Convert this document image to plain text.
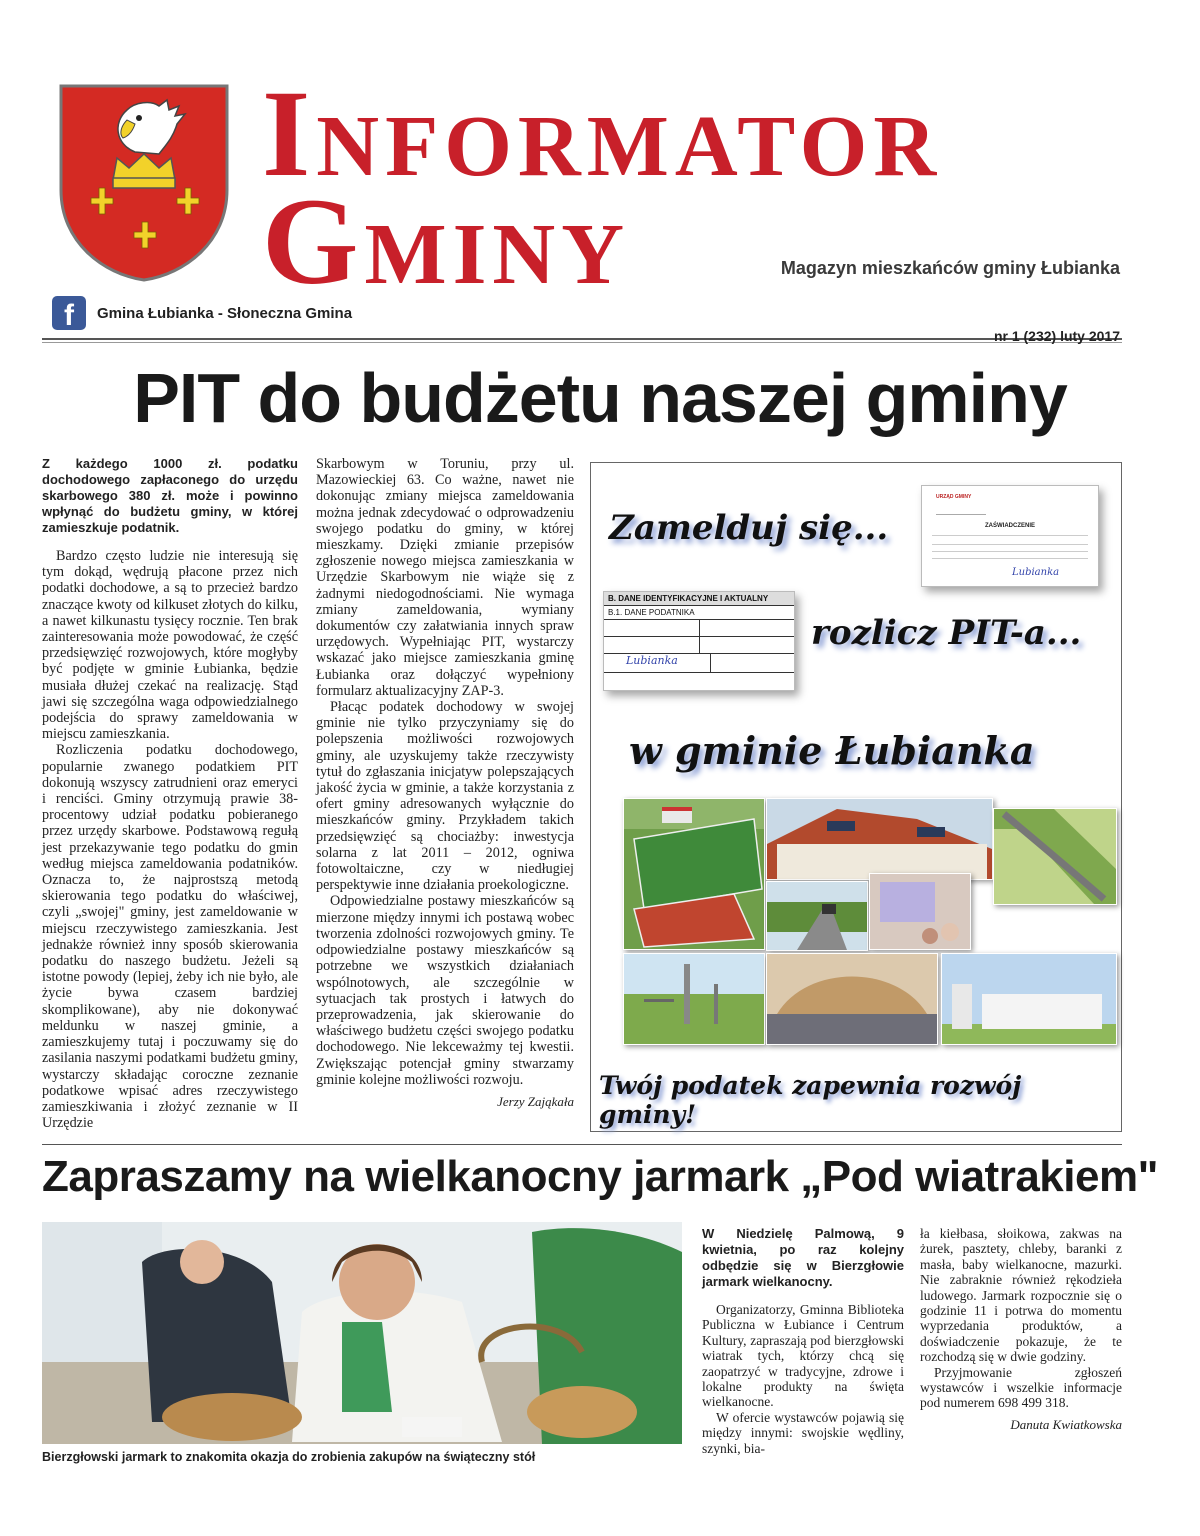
Informator
Gminy	Magazyn mieszkańców gminy Łubianka
f	Gmina Łubianka - Słoneczna Gmina
nr 1 (232) luty 2017
PIT do budżetu naszej gminy

Z każdego 1000 zł. podatku dochodowego zapłaconego do urzędu skarbowego 380 zł. może i powinno wpłynąć do budżetu gminy, w której zamieszkuje podatnik.

Bardzo często ludzie nie interesują się tym dokąd, wędrują płacone przez nich podatki dochodowe, a są to przecież bardzo znaczące kwoty od kilkuset złotych do kilku, a nawet kilkunastu tysięcy rocznie. Ten brak zainteresowania może powodować, że część przedsięwzięć rozwojowych, które mogłyby być podjęte w gminie Łubianka, będzie musiała dłużej czekać na realizację. Stąd jawi się szczególna waga odpowiedzialnego podejścia do sprawy zameldowania w miejscu zamieszkania.

Rozliczenia podatku dochodowego, popularnie zwanego podatkiem PIT dokonują wszyscy zatrudnieni oraz emeryci i renciści. Gminy otrzymują prawie 38-procentowy udział podatku pobieranego przez urzędy skarbowe. Podstawową regułą jest przekazywanie tego podatku do gmin według miejsca zameldowania podatników. Oznacza to, że najprostszą metodą skierowania tego podatku do właściwej, czyli „swojej" gminy, jest zameldowanie w miejscu rzeczywistego zamieszkania. Jest jednakże również inny sposób skierowania podatku do naszego budżetu. Jeżeli są istotne powody (lepiej, żeby ich nie było, ale życie bywa czasem bardziej skomplikowane), aby nie dokonywać meldunku w naszej gminie, a zamieszkujemy tutaj i poczuwamy się do zasilania naszymi podatkami budżetu gminy, wystarczy składając coroczne zeznanie podatkowe wpisać adres rzeczywistego zamieszkiwania i złożyć zeznanie w II Urzędzie

Skarbowym w Toruniu, przy ul. Mazowieckiej 63. Co ważne, nawet nie dokonując zmiany miejsca zameldowania można jednak zdecydować o odprowadzeniu swojego podatku do gminy, w której mieszkamy. Dzięki zmianie przepisów zgłoszenie nowego miejsca zamieszkania w Urzędzie Skarbowym nie wiąże się z żadnymi niedogodnościami. Nie wymaga zmiany zameldowania, wymiany dokumentów czy załatwiania innych spraw urzędowych. Wypełniając PIT, wystarczy wskazać jako miejsce zamieszkania gminę Łubianka oraz dołączyć wypełniony formularz aktualizacyjny ZAP-3.

Płacąc podatek dochodowy w swojej gminie nie tylko przyczyniamy się do polepszenia możliwości rozwojowych gminy, ale uzyskujemy także rzeczywisty tytuł do zgłaszania inicjatyw polepszających jakość życia w gminie, a także korzystania z ofert gminy adresowanych wyłącznie do mieszkańców gminy. Przykładem takich przedsięwzięć są chociażby: inwestycja solarna z lat 2011 – 2012, ogniwa fotowoltaiczne, czy w niedługiej perspektywie inne działania proekologiczne.

Odpowiedzialne postawy mieszkańców są mierzone między innymi ich postawą wobec tworzenia zdolności rozwojowych gminy. Te odpowiedzialne postawy mieszkańców są potrzebne we wszystkich działaniach wspólnotowych, ale szczególnie w sytuacjach tak prostych i łatwych do przeprowadzenia, jak skierowanie do właściwego budżetu części swojego podatku dochodowego. Nie lekceważmy tej kwestii. Zwiększając potencjał gminy stwarzamy gminie kolejne możliwości rozwoju.

Jerzy Zająkała

URZĄD GMINY
ZAŚWIADCZENIE
Lubianka
Zamelduj się...
B. DANE IDENTYFIKACYJNE I AKTUALNY
B.1. DANE PODATNIKA
Lubianka
rozlicz PIT-a...
w gminie Łubianka
Twój podatek zapewnia rozwój gminy!
Zapraszamy na wielkanocny jarmark „Pod wiatrakiem"
Bierzgłowski jarmark to znakomita okazja do zrobienia zakupów na świąteczny stół

W Niedzielę Palmową, 9 kwietnia, po raz kolejny odbędzie się w Bierzgłowie jarmark wielkanocny.

Organizatorzy, Gminna Biblioteka Publiczna w Łubiance i Centrum Kultury, zapraszają pod bierzgłowski wiatrak tych, którzy chcą się zaopatrzyć w tradycyjne, zdrowe i lokalne produkty na święta wielkanocne.

W ofercie wystawców pojawią się między innymi: swojskie wędliny, szynki, bia-

ła kiełbasa, słoikowa, zakwas na żurek, pasztety, chleby, baranki z masła, baby wielkanocne, mazurki. Nie zabraknie również rękodzieła ludowego. Jarmark rozpocznie się o godzinie 11 i potrwa do momentu wyprzedania produktów, a doświadczenie pokazuje, że te rozchodzą się w dwie godziny.

Przyjmowanie zgłoszeń wystawców i wszelkie informacje pod numerem 698 499 318.

Danuta Kwiatkowska
